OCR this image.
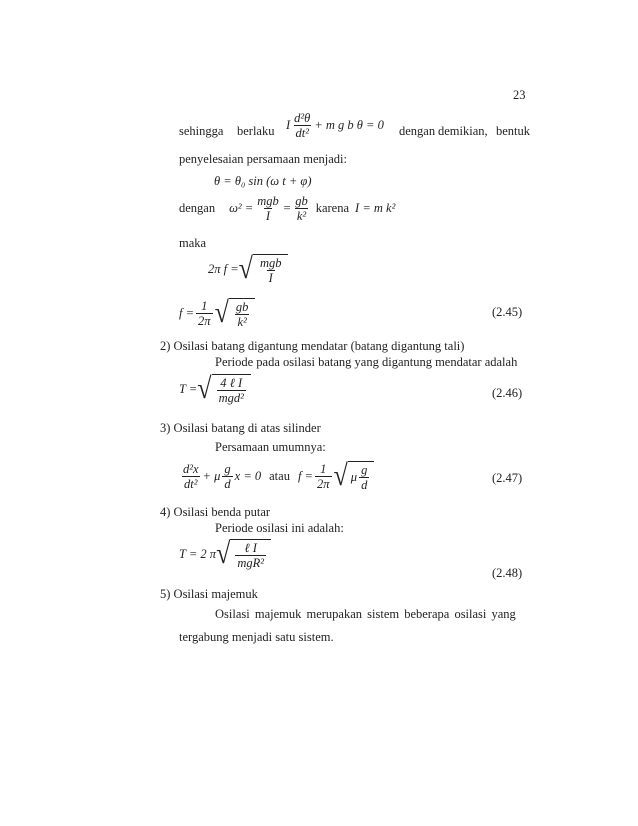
23
sehingga berlaku I $\frac{\text{d²θ}}{\text{dt²}} + m$ g b θ = 0 dengan demikian, bentuk
penyelesaian persamaan menjadi:
θ = θ₀ sin (ω t + φ)
dengan $\omega^2 = \frac{\text{mgb}}{I} = \frac{gb}{\text{k²}}$ karena I = m k²
maka
2π f = √ $\frac{\text{mgb}}{I}$
$f = \frac{1}{2\pi}$ √ $\frac{gb}{\text{k²}}$	(2.45)
2) Osilasi batang digantung mendatar (batang digantung tali)
Periode pada osilasi batang yang digantung mendatar adalah
T = √ $\frac{\text{4 ℓ I}}{\text{mgd²}}$	(2.46)
3) Osilasi batang di atas silinder
Persamaan umumnya:
$\frac{\text{d²x}}{\text{dt²}} + \mu \frac{g}{d}$ x = 0 atau $f = \frac{1}{2\pi}$ √ μ $\frac{g}{d}$	(2.47)
4) Osilasi benda putar
Periode osilasi ini adalah:
T = 2 π √ $\frac{\text{ℓ I}}{\text{mgR²}}$
(2.48)
5) Osilasi majemuk
Osilasi majemuk merupakan sistem beberapa osilasi yang
tergabung menjadi satu sistem.
